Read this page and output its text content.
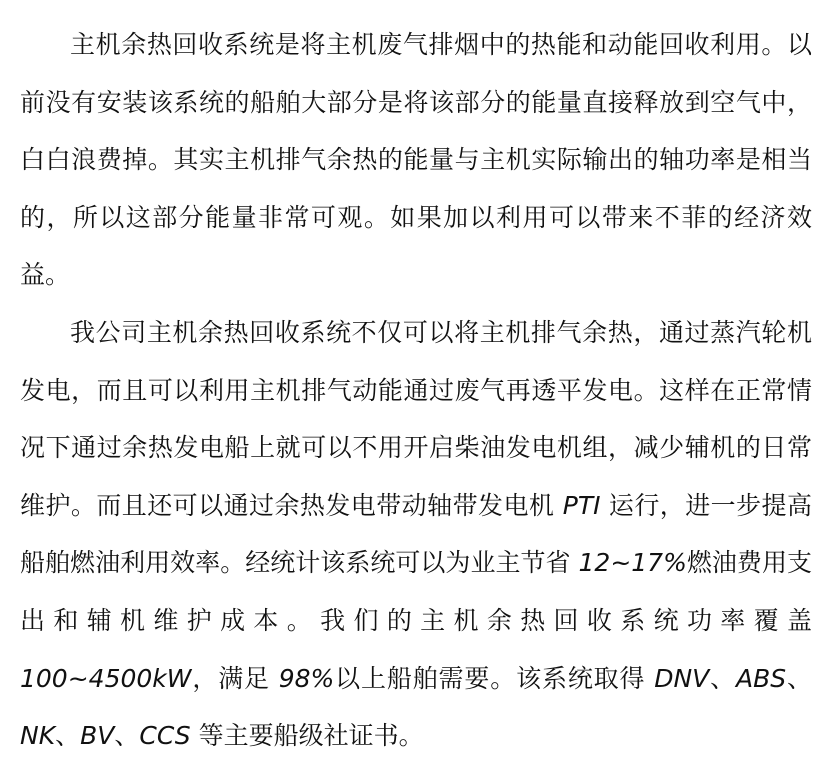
主机余热回收系统是将主机废气排烟中的热能和动能回收利用。以前没有安装该系统的船舶大部分是将该部分的能量直接释放到空气中，白白浪费掉。其实主机排气余热的能量与主机实际输出的轴功率是相当的，所以这部分能量非常可观。如果加以利用可以带来不菲的经济效益。

我公司主机余热回收系统不仅可以将主机排气余热，通过蒸汽轮机发电，而且可以利用主机排气动能通过废气再透平发电。这样在正常情况下通过余热发电船上就可以不用开启柴油发电机组，减少辅机的日常维护。而且还可以通过余热发电带动轴带发电机 PTI 运行，进一步提高船舶燃油利用效率。经统计该系统可以为业主节省 12~17%燃油费用支出和辅机维护成本。我们的主机余热回收系统功率覆盖100~4500kW，满足 98%以上船舶需要。该系统取得 DNV、ABS、NK、BV、CCS 等主要船级社证书。
